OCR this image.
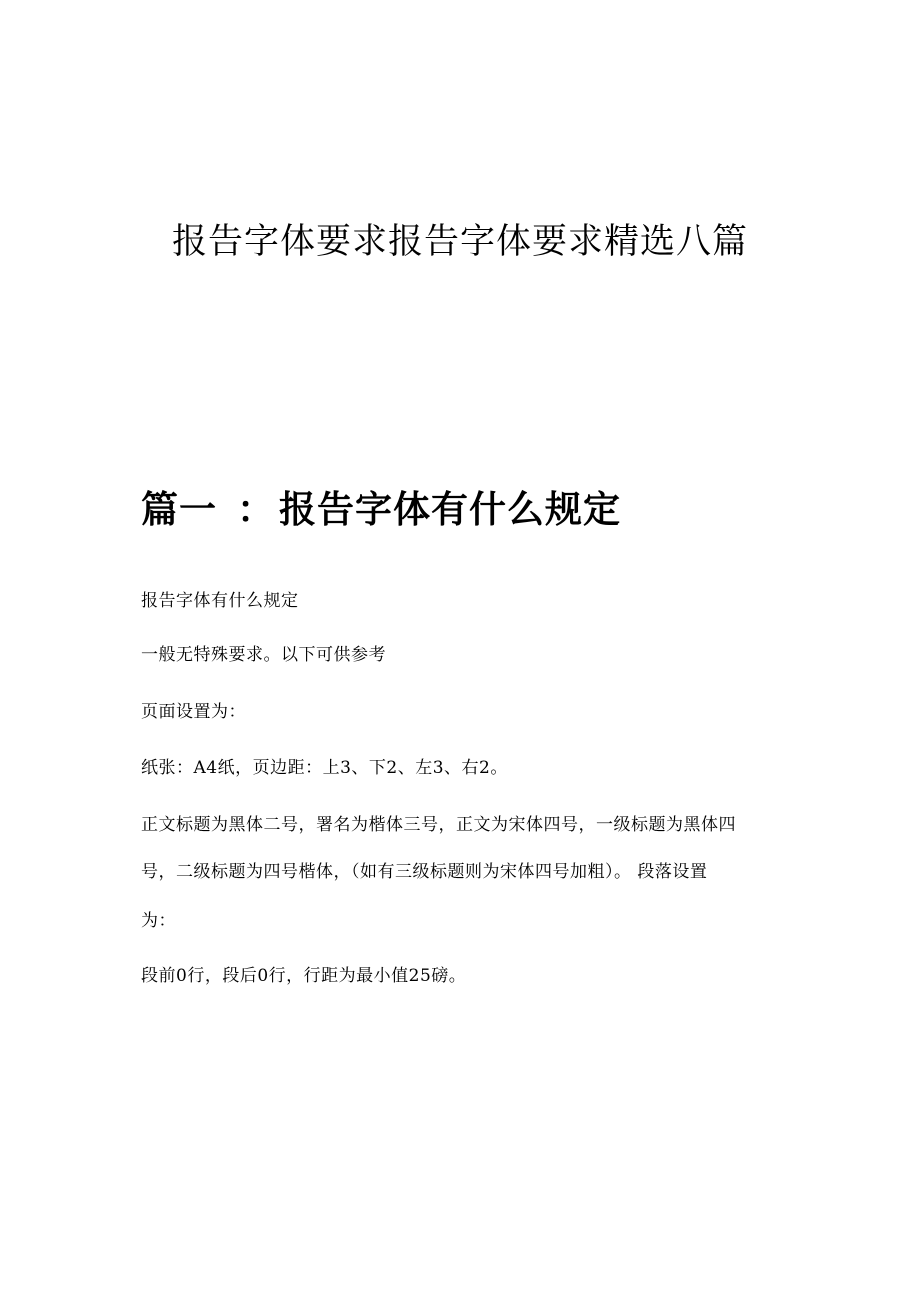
报告字体要求报告字体要求精选八篇
篇一 ： 报告字体有什么规定

报告字体有什么规定

一般无特殊要求。以下可供参考

页面设置为：

纸张：A4纸，页边距：上3、下2、左3、右2。

正文标题为黑体二号，署名为楷体三号，正文为宋体四号，一级标题为黑体四

号，二级标题为四号楷体，（如有三级标题则为宋体四号加粗）。 段落设置

为：

段前0行，段后0行，行距为最小值25磅。
